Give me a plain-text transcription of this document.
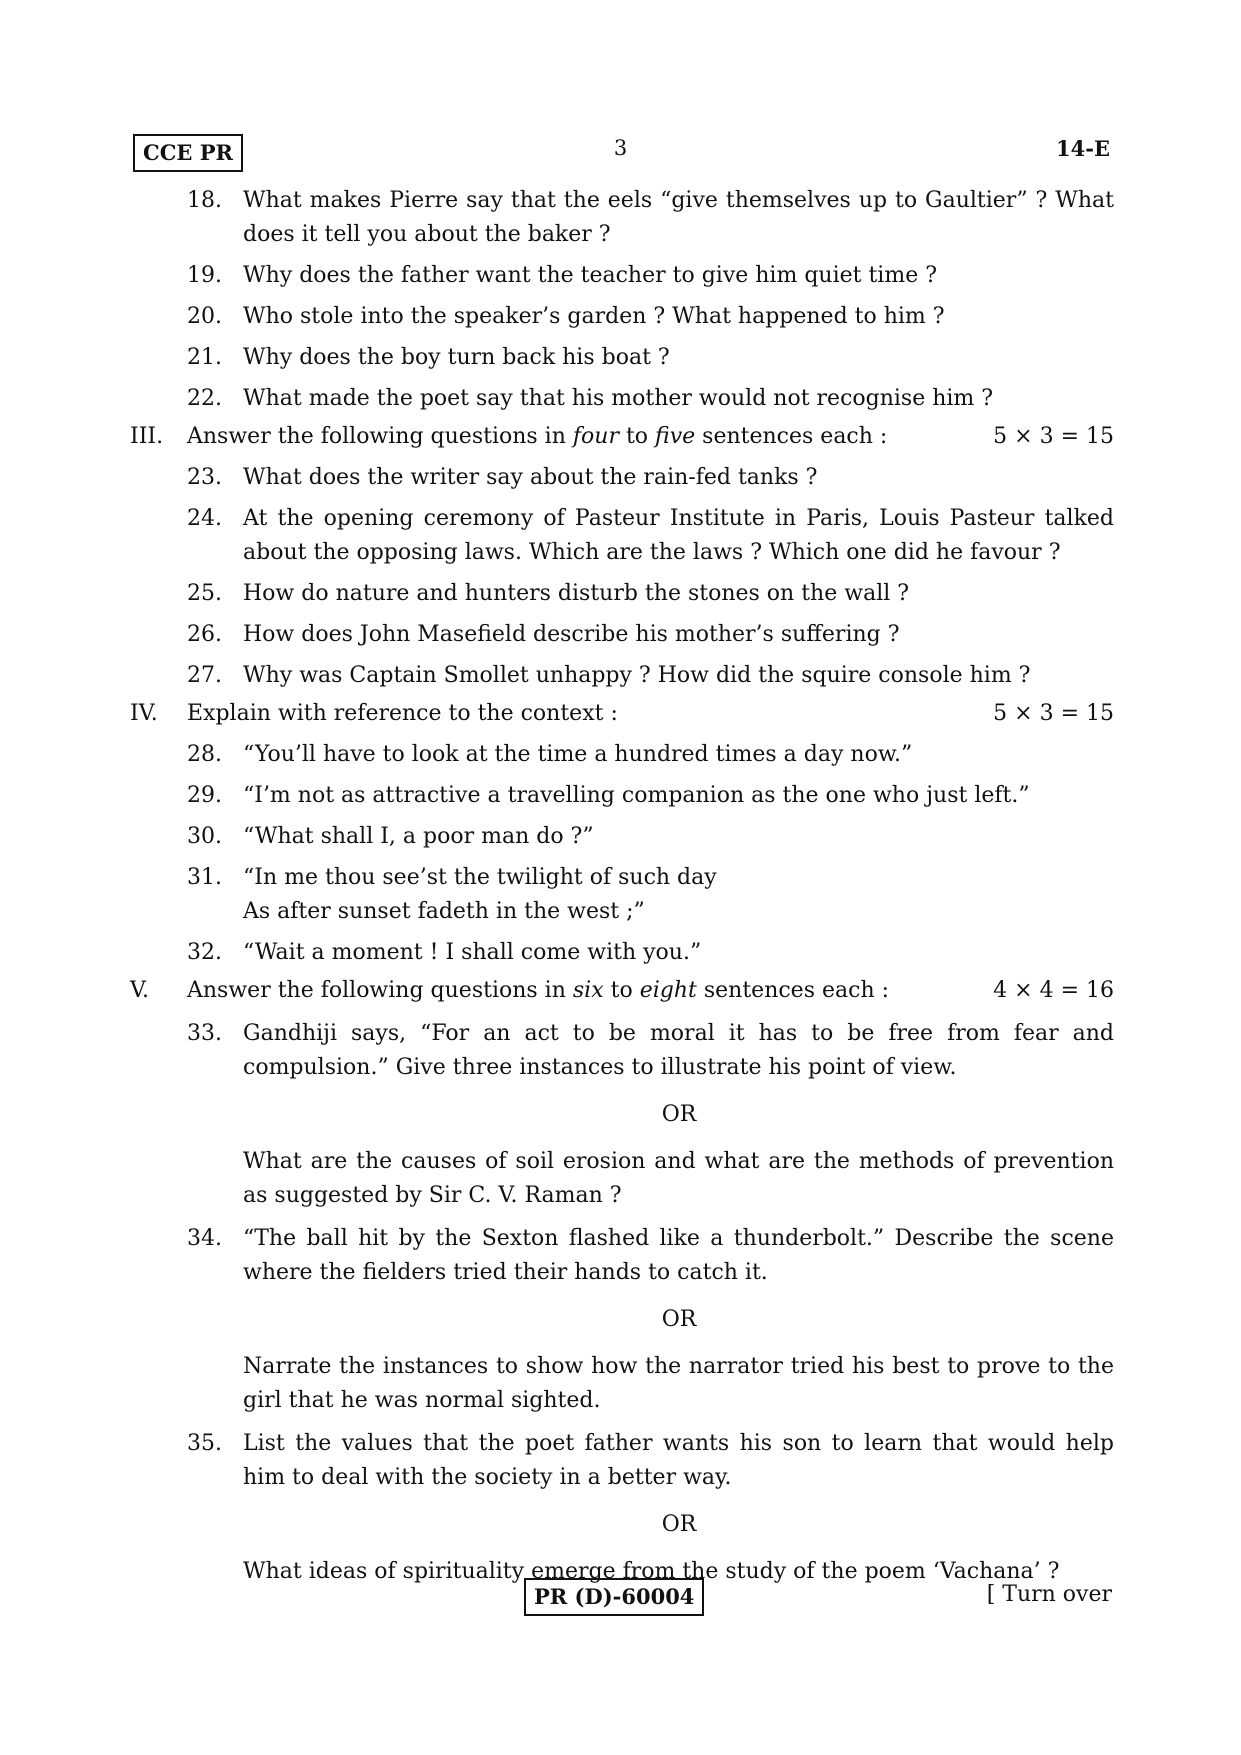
CCE PR	3	14-E
18. What makes Pierre say that the eels “give themselves up to Gaultier” ? What does it tell you about the baker ?

19. Why does the father want the teacher to give him quiet time ?

20. Who stole into the speaker’s garden ? What happened to him ?

21. Why does the boy turn back his boat ?

22. What made the poet say that his mother would not recognise him ?

III. Answer the following questions in four to five sentences each :	5 × 3 = 15
23. What does the writer say about the rain-fed tanks ?

24. At the opening ceremony of Pasteur Institute in Paris, Louis Pasteur talked about the opposing laws. Which are the laws ? Which one did he favour ?

25. How do nature and hunters disturb the stones on the wall ?

26. How does John Masefield describe his mother’s suffering ?

27. Why was Captain Smollet unhappy ? How did the squire console him ?

IV. Explain with reference to the context :	5 × 3 = 15
28. “You’ll have to look at the time a hundred times a day now.”

29. “I’m not as attractive a travelling companion as the one who just left.”

30. “What shall I, a poor man do ?”

31. “In me thou see’st the twilight of such day

As after sunset fadeth in the west ;”

32. “Wait a moment ! I shall come with you.”

V. Answer the following questions in six to eight sentences each :	4 × 4 = 16
33. Gandhiji says, “For an act to be moral it has to be free from fear and compulsion.” Give three instances to illustrate his point of view.

OR

What are the causes of soil erosion and what are the methods of prevention as suggested by Sir C. V. Raman ?

34. “The ball hit by the Sexton flashed like a thunderbolt.” Describe the scene where the fielders tried their hands to catch it.

OR

Narrate the instances to show how the narrator tried his best to prove to the girl that he was normal sighted.

35. List the values that the poet father wants his son to learn that would help him to deal with the society in a better way.

OR

What ideas of spirituality emerge from the study of the poem ‘Vachana’ ?

PR (D)-60004	[ Turn over
